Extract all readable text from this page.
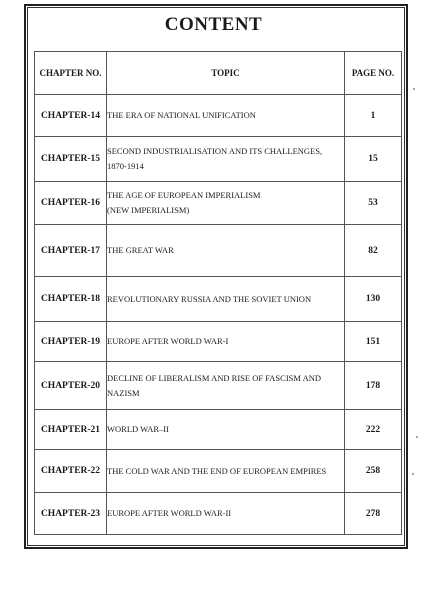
CONTENT
CHAPTER NO.	TOPIC	PAGE NO.
CHAPTER-14	THE ERA OF NATIONAL UNIFICATION	1
CHAPTER-15	SECOND INDUSTRIALISATION AND ITS CHALLENGES,
1870-1914	15
CHAPTER-16	THE AGE OF EUROPEAN IMPERIALISM
(NEW IMPERIALISM)	53
CHAPTER-17	THE GREAT WAR	82
CHAPTER-18	REVOLUTIONARY RUSSIA AND THE SOVIET UNION	130
CHAPTER-19	EUROPE AFTER WORLD WAR-I	151
CHAPTER-20	DECLINE OF LIBERALISM AND RISE OF FASCISM AND
NAZISM	178
CHAPTER-21	WORLD WAR–II	222
CHAPTER-22	THE COLD WAR AND THE END OF EUROPEAN EMPIRES	258
CHAPTER-23	EUROPE AFTER WORLD WAR-II	278
